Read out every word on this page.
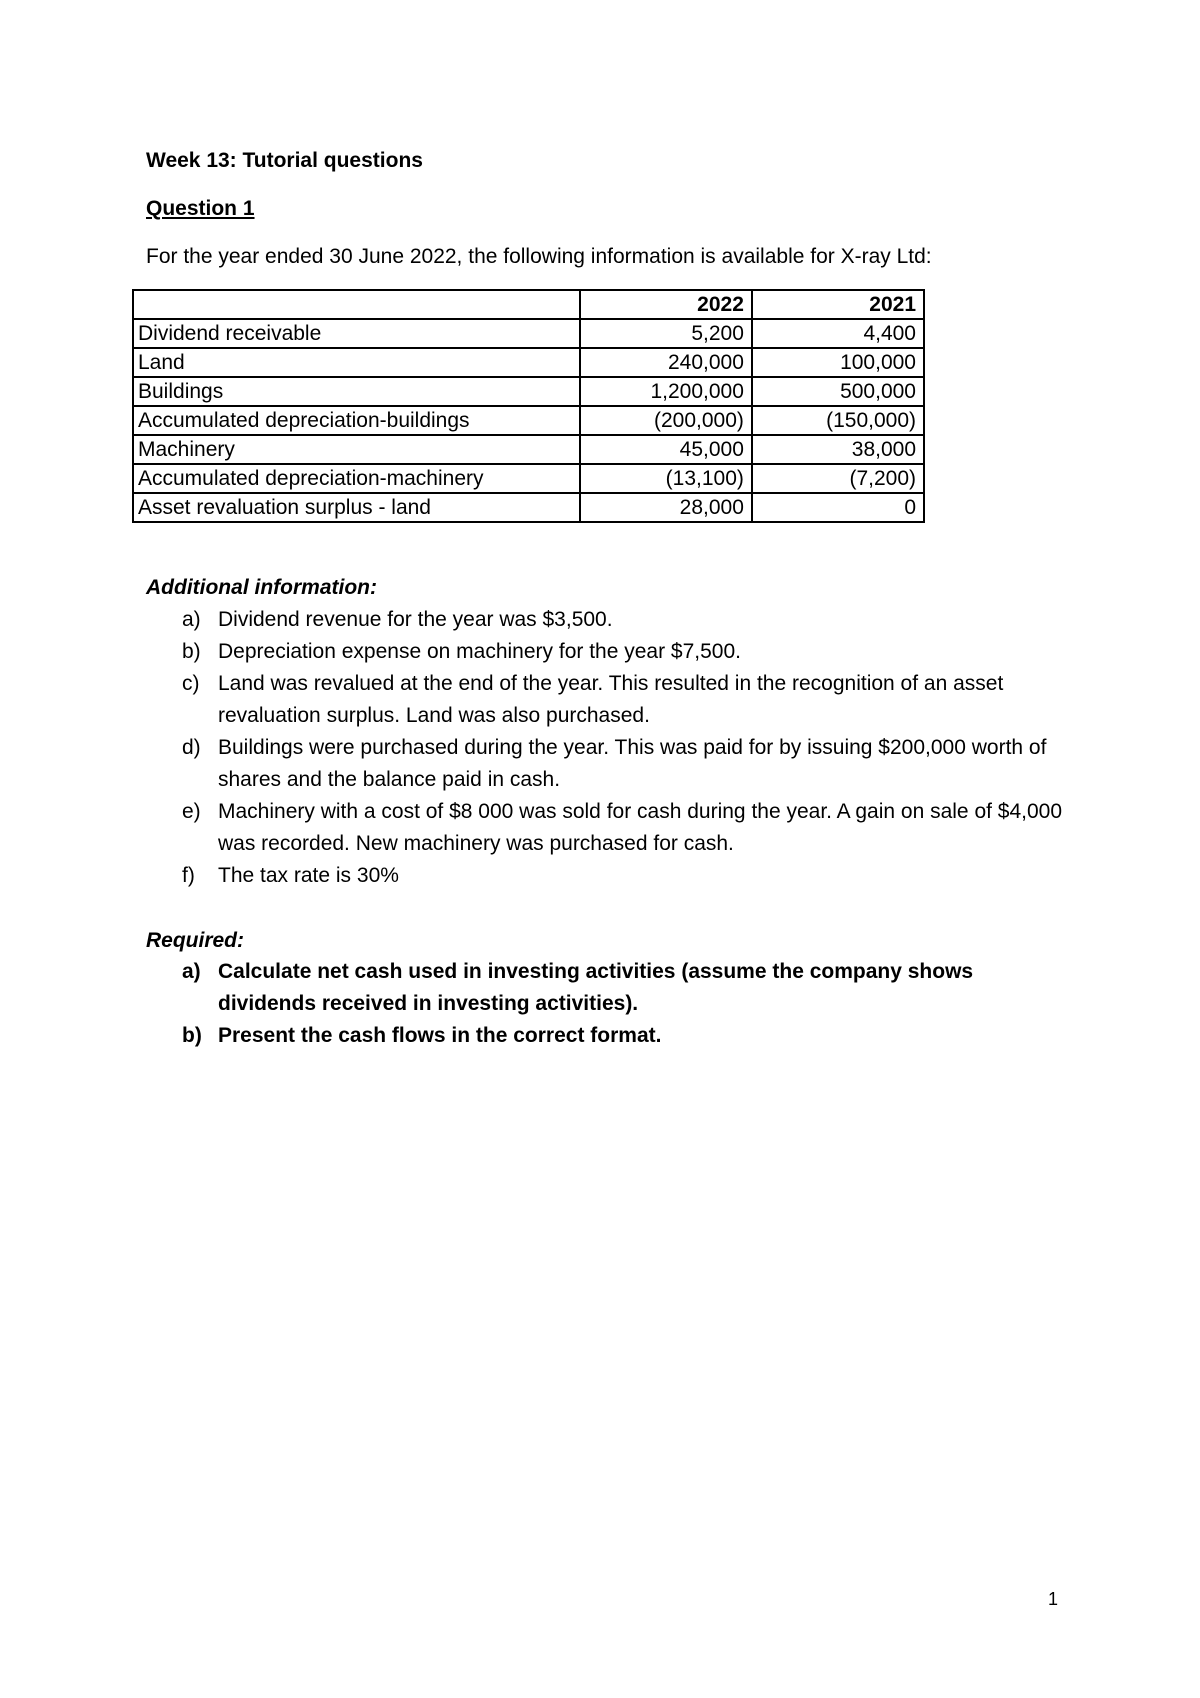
Week 13: Tutorial questions
Question 1
For the year ended 30 June 2022, the following information is available for X-ray Ltd:
	2022	2021
Dividend receivable	5,200	4,400
Land	240,000	100,000
Buildings	1,200,000	500,000
Accumulated depreciation-buildings	(200,000)	(150,000)
Machinery	45,000	38,000
Accumulated depreciation-machinery	(13,100)	(7,200)
Asset revaluation surplus - land	28,000	0
Additional information:
a) Dividend revenue for the year was $3,500.
b) Depreciation expense on machinery for the year $7,500.
c) Land was revalued at the end of the year. This resulted in the recognition of an asset revaluation surplus. Land was also purchased.
d) Buildings were purchased during the year. This was paid for by issuing $200,000 worth of shares and the balance paid in cash.
e) Machinery with a cost of $8 000 was sold for cash during the year. A gain on sale of $4,000 was recorded. New machinery was purchased for cash.
f) The tax rate is 30%
Required:
a) Calculate net cash used in investing activities (assume the company shows dividends received in investing activities).
b) Present the cash flows in the correct format.
1
